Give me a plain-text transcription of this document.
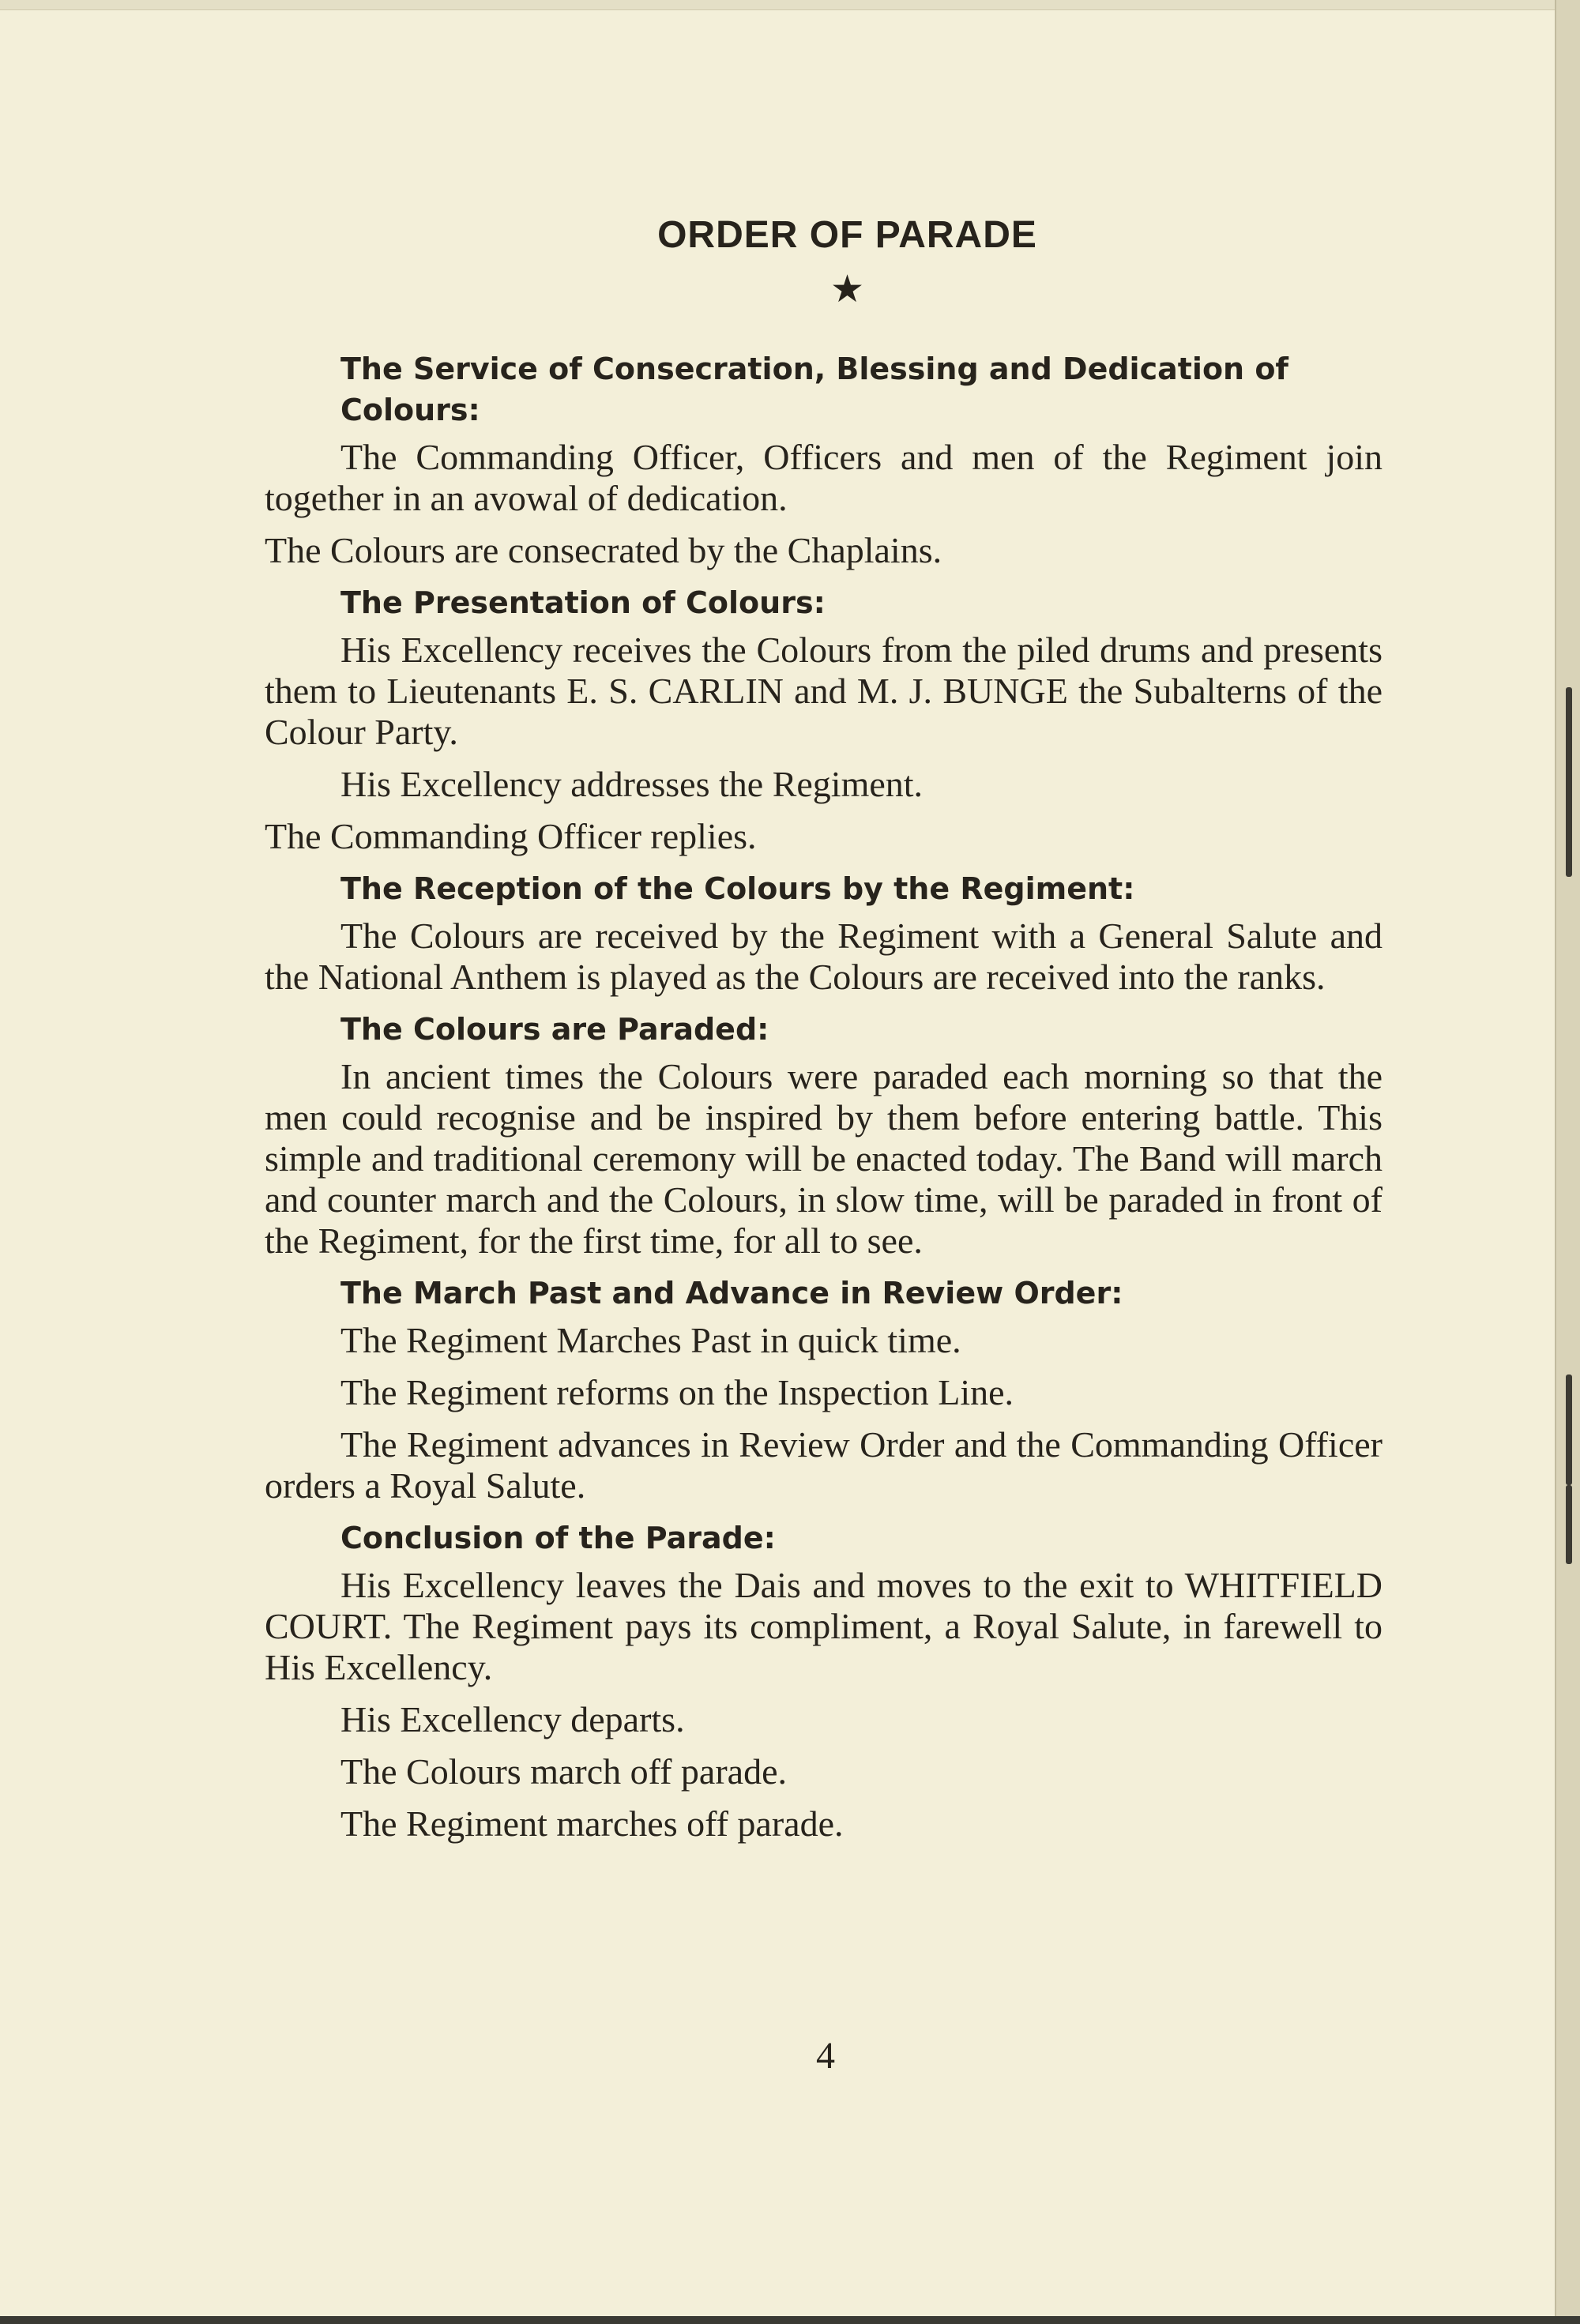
ORDER OF PARADE
★
The Service of Consecration, Blessing and Dedication of Colours:

The Commanding Officer, Officers and men of the Regiment join together in an avowal of dedication.

The Colours are consecrated by the Chaplains.

The Presentation of Colours:

His Excellency receives the Colours from the piled drums and presents them to Lieutenants E. S. CARLIN and M. J. BUNGE the Subalterns of the Colour Party.

His Excellency addresses the Regiment.

The Commanding Officer replies.

The Reception of the Colours by the Regiment:

The Colours are received by the Regiment with a General Salute and the National Anthem is played as the Colours are received into the ranks.

The Colours are Paraded:

In ancient times the Colours were paraded each morning so that the men could recognise and be inspired by them before entering battle. This simple and traditional ceremony will be enacted today. The Band will march and counter march and the Colours, in slow time, will be paraded in front of the Regiment, for the first time, for all to see.

The March Past and Advance in Review Order:

The Regiment Marches Past in quick time.

The Regiment reforms on the Inspection Line.

The Regiment advances in Review Order and the Commanding Officer orders a Royal Salute.

Conclusion of the Parade:

His Excellency leaves the Dais and moves to the exit to WHITFIELD COURT. The Regiment pays its compliment, a Royal Salute, in farewell to His Excellency.

His Excellency departs.

The Colours march off parade.

The Regiment marches off parade.

4
